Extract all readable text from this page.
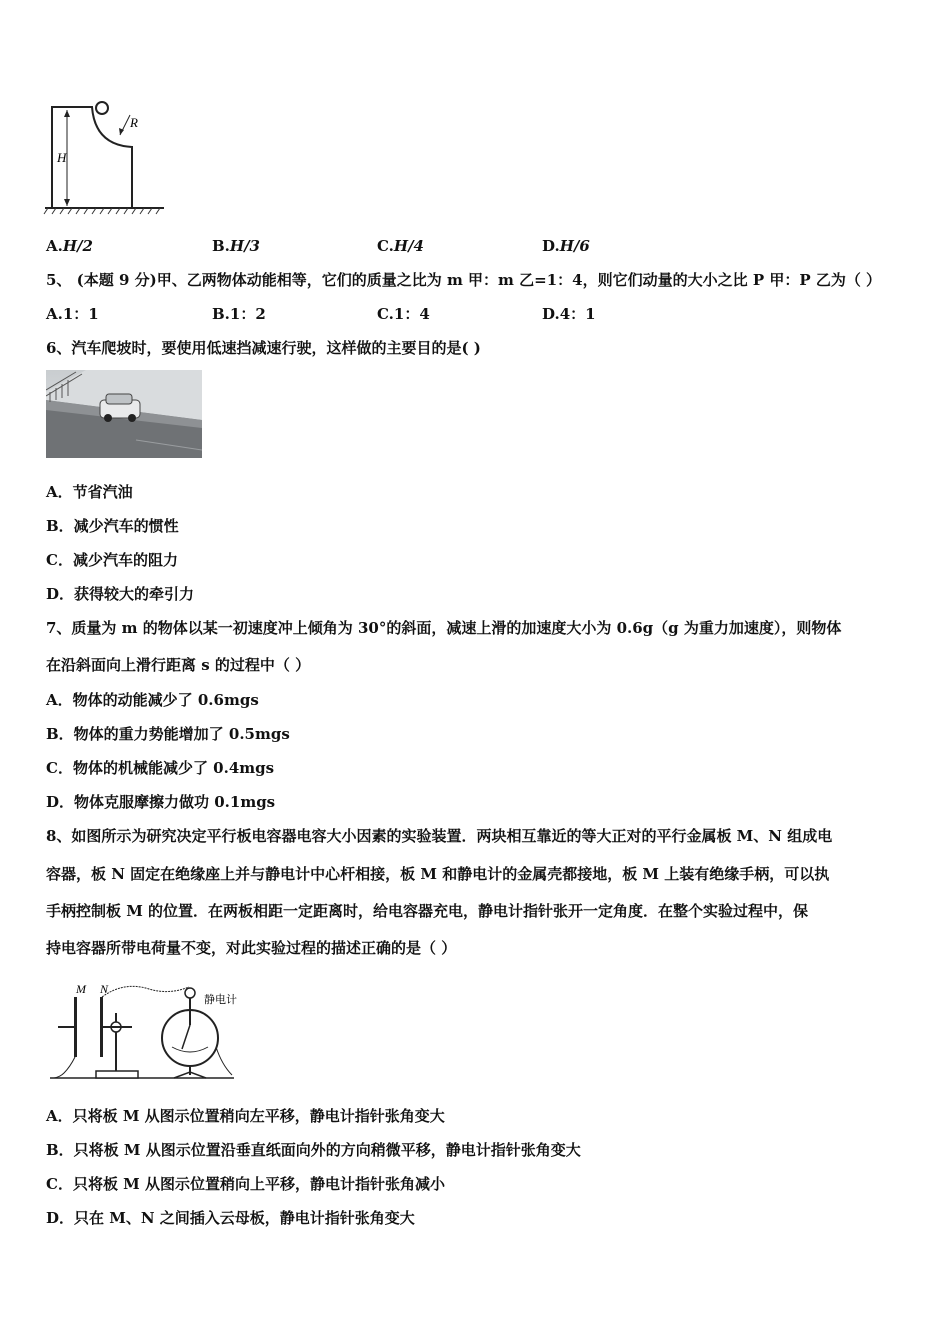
H
R
A.H/2	B.H/3	C.H/4	D.H/6
5、 (本题 9 分)甲、乙两物体动能相等，它们的质量之比为 m 甲：m 乙=1：4，则它们动量的大小之比 P 甲：P 乙为（ ）
A.1：1	B.1：2	C.1：4	D.4：1
6、汽车爬坡时，要使用低速挡减速行驶，这样做的主要目的是( )
A．节省汽油
B．减少汽车的惯性
C．减少汽车的阻力
D．获得较大的牵引力
7、质量为 m 的物体以某一初速度冲上倾角为 30°的斜面，减速上滑的加速度大小为 0.6g（g 为重力加速度），则物体
在沿斜面向上滑行距离 s 的过程中（ ）
A．物体的动能减少了 0.6mgs
B．物体的重力势能增加了 0.5mgs
C．物体的机械能减少了 0.4mgs
D．物体克服摩擦力做功 0.1mgs
8、如图所示为研究决定平行板电容器电容大小因素的实验装置．两块相互靠近的等大正对的平行金属板 M、N 组成电
容器，板 N 固定在绝缘座上并与静电计中心杆相接，板 M 和静电计的金属壳都接地，板 M 上装有绝缘手柄，可以执
手柄控制板 M 的位置．在两板相距一定距离时，给电容器充电，静电计指针张开一定角度．在整个实验过程中，保
持电容器所带电荷量不变，对此实验过程的描述正确的是（ ）
M N
静电计
A．只将板 M 从图示位置稍向左平移，静电计指针张角变大
B．只将板 M 从图示位置沿垂直纸面向外的方向稍微平移，静电计指针张角变大
C．只将板 M 从图示位置稍向上平移，静电计指针张角减小
D．只在 M、N 之间插入云母板，静电计指针张角变大
